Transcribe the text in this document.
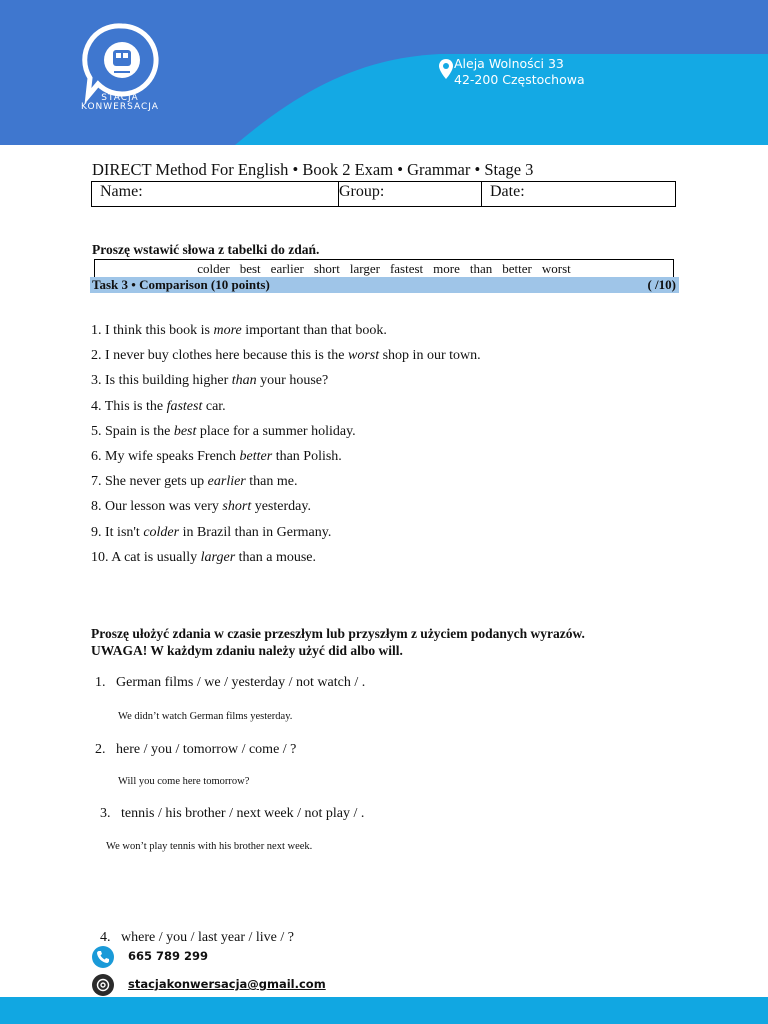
STACJA
KONWERSACJA
Aleja Wolności 33
42-200 Częstochowa
DIRECT Method For English • Book 2 Exam • Grammar • Stage 3
Name:	Group:	Date:
Proszę wstawić słowa z tabelki do zdań.
colder best earlier short larger fastest more than better worst
Task 3 • Comparison (10 points)	( /10)
1. I think this book is more important than that book.
2. I never buy clothes here because this is the worst shop in our town.
3. Is this building higher than your house?
4. This is the fastest car.
5. Spain is the best place for a summer holiday.
6. My wife speaks French better than Polish.
7. She never gets up earlier than me.
8. Our lesson was very short yesterday.
9. It isn't colder in Brazil than in Germany.
10. A cat is usually larger than a mouse.
Proszę ułożyć zdania w czasie przeszłym lub przyszłym z użyciem podanych wyrazów.
UWAGA! W każdym zdaniu należy użyć did albo will.
1. German films / we / yesterday / not watch / .
We didn’t watch German films yesterday.
2. here / you / tomorrow / come / ?
Will you come here tomorrow?
3. tennis / his brother / next week / not play / .
We won’t play tennis with his brother next week.
4. where / you / last year / live / ?
665 789 299
stacjakonwersacja@gmail.com
